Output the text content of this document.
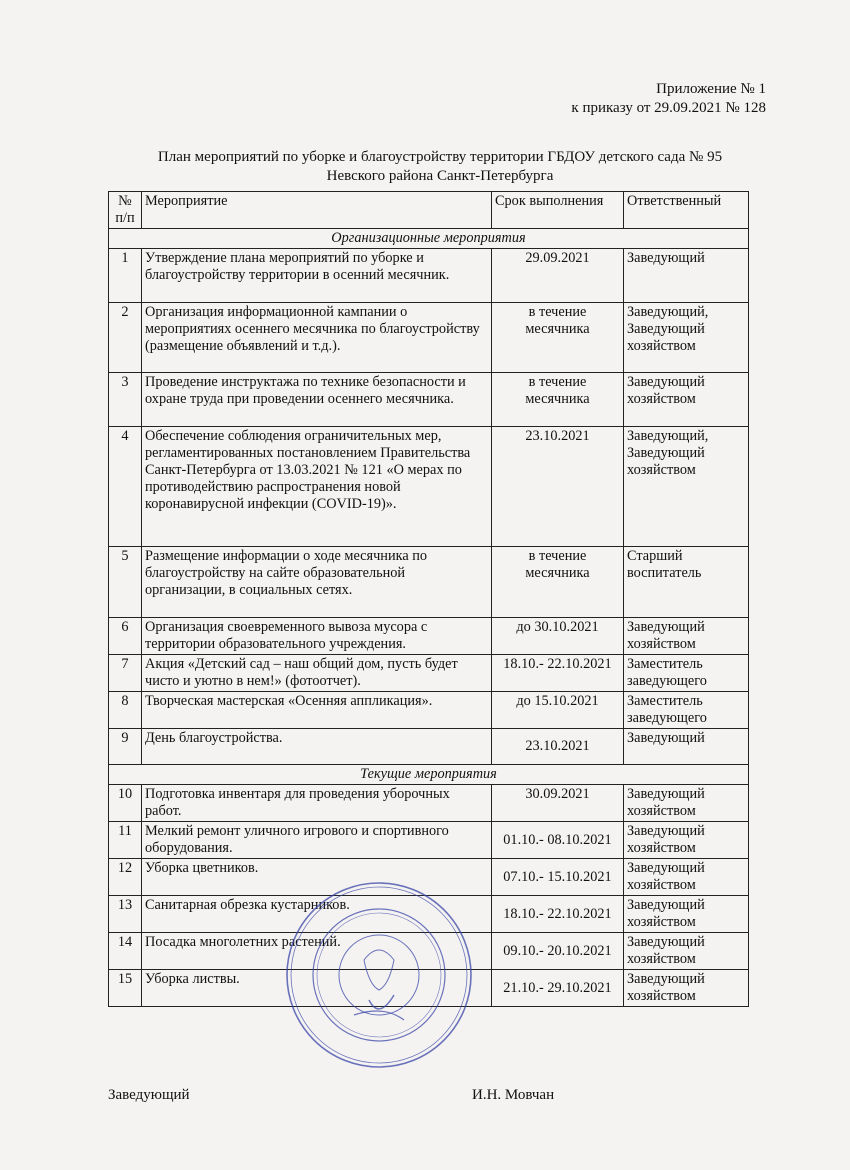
Приложение № 1
к приказу от 29.09.2021 № 128
План мероприятий по уборке и благоустройству территории ГБДОУ детского сада № 95
Невского района Санкт-Петербурга
№ п/п	Мероприятие	Срок выполнения	Ответственный
Организационные мероприятия			
1	Утверждение плана мероприятий по уборке и благоустройству территории в осенний месячник.	29.09.2021	Заведующий
2	Организация информационной кампании о мероприятиях осеннего месячника по благоустройству (размещение объявлений и т.д.).	в течение месячника	Заведующий, Заведующий хозяйством
3	Проведение инструктажа по технике безопасности и охране труда при проведении осеннего месячника.	в течение месячника	Заведующий хозяйством
4	Обеспечение соблюдения ограничительных мер, регламентированных постановлением Правительства Санкт-Петербурга от 13.03.2021 № 121 «О мерах по противодействию распространения новой коронавирусной инфекции (COVID-19)».	23.10.2021	Заведующий, Заведующий хозяйством
5	Размещение информации о ходе месячника по благоустройству на сайте образовательной организации, в социальных сетях.	в течение месячника	Старший воспитатель
6	Организация своевременного вывоза мусора с территории образовательного учреждения.	до 30.10.2021	Заведующий хозяйством
7	Акция «Детский сад – наш общий дом, пусть будет чисто и уютно в нем!» (фотоотчет).	18.10.- 22.10.2021	Заместитель заведующего
8	Творческая мастерская «Осенняя аппликация».	до 15.10.2021	Заместитель заведующего
9	День благоустройства.	23.10.2021	Заведующий
Текущие мероприятия			
10	Подготовка инвентаря для проведения уборочных работ.	30.09.2021	Заведующий хозяйством
11	Мелкий ремонт уличного игрового и спортивного оборудования.	01.10.- 08.10.2021	Заведующий хозяйством
12	Уборка цветников.	07.10.- 15.10.2021	Заведующий хозяйством
13	Санитарная обрезка кустарников.	18.10.- 22.10.2021	Заведующий хозяйством
14	Посадка многолетних растений.	09.10.- 20.10.2021	Заведующий хозяйством
15	Уборка листвы.	21.10.- 29.10.2021	Заведующий хозяйством
Заведующий	И.Н. Мовчан
